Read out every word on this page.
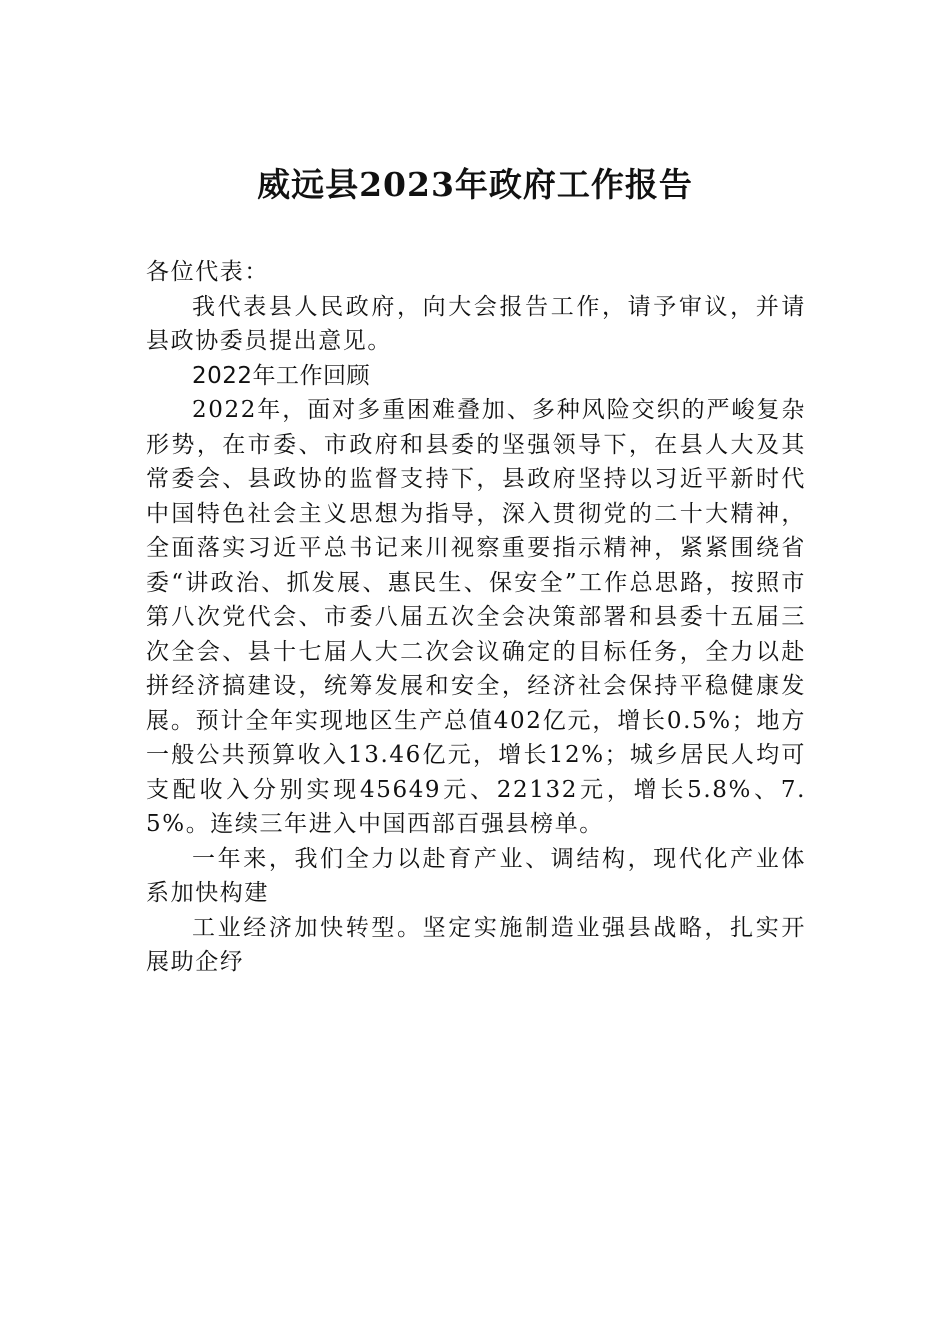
威远县2023年政府工作报告

各位代表：

我代表县人民政府，向大会报告工作，请予审议，并请县政协委员提出意见。

2022年工作回顾

2022年，面对多重困难叠加、多种风险交织的严峻复杂形势，在市委、市政府和县委的坚强领导下，在县人大及其常委会、县政协的监督支持下，县政府坚持以习近平新时代中国特色社会主义思想为指导，深入贯彻党的二十大精神，全面落实习近平总书记来川视察重要指示精神，紧紧围绕省委“讲政治、抓发展、惠民生、保安全”工作总思路，按照市第八次党代会、市委八届五次全会决策部署和县委十五届三次全会、县十七届人大二次会议确定的目标任务，全力以赴拼经济搞建设，统筹发展和安全，经济社会保持平稳健康发展。预计全年实现地区生产总值402亿元，增长0.5%；地方一般公共预算收入13.46亿元，增长12%；城乡居民人均可支配收入分别实现45649元、22132元，增长5.8%、7.5%。连续三年进入中国西部百强县榜单。

一年来，我们全力以赴育产业、调结构，现代化产业体系加快构建

工业经济加快转型。坚定实施制造业强县战略，扎实开展助企纾
